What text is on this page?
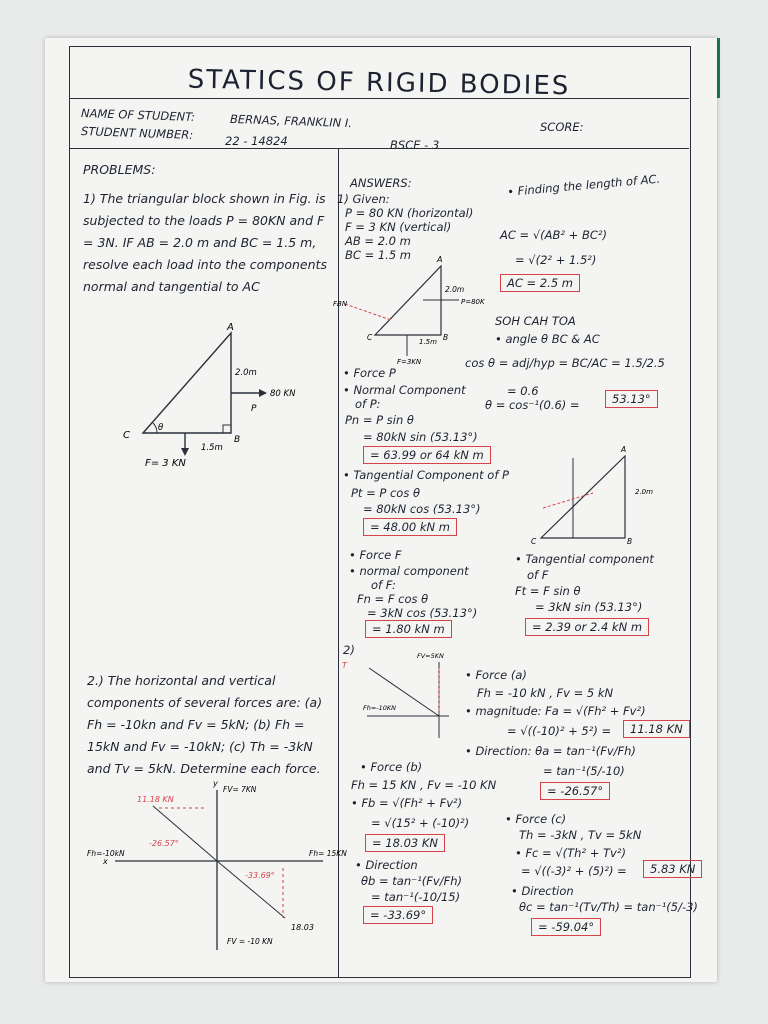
STATICS OF RIGID BODIES
NAME OF STUDENT:	BERNAS, FRANKLIN I.	SCORE:
STUDENT NUMBER:	22 - 14824	BSCE - 3
PROBLEMS:
1) The triangular block shown in Fig. is subjected to the loads P = 80KN and F = 3N. IF AB = 2.0 m and BC = 1.5 m, resolve each load into the components normal and tangential to AC
A
2.0m
80 KN
P
C
θ
B
1.5m
F= 3 KN
2.) The horizontal and vertical components of several forces are: (a) Fh = -10kn and Fv = 5kN; (b) Fh = 15kN and Fv = -10kN; (c) Th = -3kN and Tv = 5kN. Determine each force.
y
x
11.18 KN
FV= 7KN
Fh=-10kN
-26.57°
Fh= 15KN
-33.69°
FV = -10 KN
18.03
ANSWERS:
1) Given:
P = 80 KN (horizontal)
F = 3 KN (vertical)
AB = 2.0 m
BC = 1.5 m	A
2.0m
P=80K
FBN
C	B
1.5m
F=3KN
• Finding the length of AC.
AC = √(AB² + BC²)
= √(2² + 1.5²)
AC = 2.5 m
SOH CAH TOA
• angle θ BC & AC
cos θ = adj/hyp = BC/AC = 1.5/2.5
= 0.6
θ = cos⁻¹(0.6) =	53.13°
• Force P
• Normal Component
of P:
Pn = P sin θ
= 80kN sin (53.13°)
= 63.99 or 64 kN m
• Tangential Component of P
Pt = P cos θ
= 80kN cos (53.13°)
= 48.00 kN m
A
2.0m
C	B
• Force F
• normal component
of F:
Fn = F cos θ
= 3kN cos (53.13°)
= 1.80 kN m
• Tangential component
of F
Ft = F sin θ
= 3kN sin (53.13°)
= 2.39 or 2.4 kN m
2)
T
FV=5KN
Fh=-10KN
• Force (a)
Fh = -10 kN , Fv = 5 kN
• magnitude: Fa = √(Fh² + Fv²)
= √((-10)² + 5²) =	11.18 KN
• Direction: θa = tan⁻¹(Fv/Fh)
= tan⁻¹(5/-10)
= -26.57°
• Force (b)
Fh = 15 KN , Fv = -10 KN
• Fb = √(Fh² + Fv²)
= √(15² + (-10)²)
= 18.03 KN
• Direction
θb = tan⁻¹(Fv/Fh)
= tan⁻¹(-10/15)
= -33.69°
• Force (c)
Th = -3kN , Tv = 5kN
• Fc = √(Th² + Tv²)
= √((-3)² + (5)²) =	5.83 KN
• Direction
θc = tan⁻¹(Tv/Th) = tan⁻¹(5/-3)
= -59.04°
